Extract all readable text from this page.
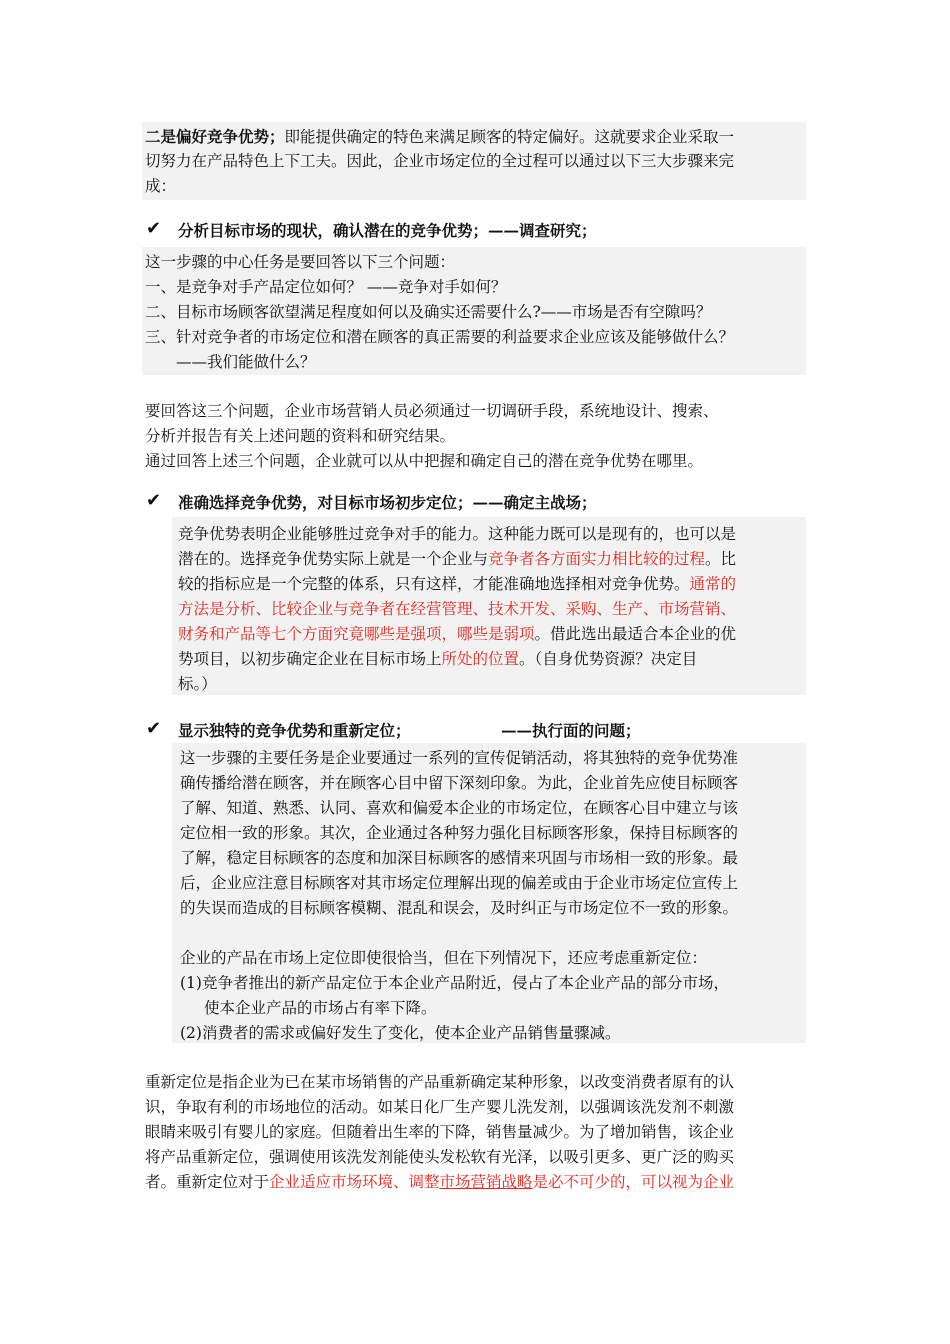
二是偏好竞争优势；即能提供确定的特色来满足顾客的特定偏好。这就要求企业采取一
切努力在产品特色上下工夫。因此，企业市场定位的全过程可以通过以下三大步骤来完
成：
✔ 分析目标市场的现状，确认潜在的竞争优势；——调查研究；
这一步骤的中心任务是要回答以下三个问题：
一、是竞争对手产品定位如何？ ——竞争对手如何？
二、目标市场顾客欲望满足程度如何以及确实还需要什么?——市场是否有空隙吗？
三、针对竞争者的市场定位和潜在顾客的真正需要的利益要求企业应该及能够做什么？
——我们能做什么？
要回答这三个问题，企业市场营销人员必须通过一切调研手段，系统地设计、搜索、
分析并报告有关上述问题的资料和研究结果。
通过回答上述三个问题，企业就可以从中把握和确定自己的潜在竞争优势在哪里。
✔ 准确选择竞争优势，对目标市场初步定位；——确定主战场；
竞争优势表明企业能够胜过竞争对手的能力。这种能力既可以是现有的，也可以是
潜在的。选择竞争优势实际上就是一个企业与竞争者各方面实力相比较的过程。比
较的指标应是一个完整的体系，只有这样，才能准确地选择相对竞争优势。通常的
方法是分析、比较企业与竞争者在经营管理、技术开发、采购、生产、市场营销、
财务和产品等七个方面究竟哪些是强项，哪些是弱项。借此选出最适合本企业的优
势项目，以初步确定企业在目标市场上所处的位置。（自身优势资源？决定目
标。）
✔ 显示独特的竞争优势和重新定位；	——执行面的问题；
这一步骤的主要任务是企业要通过一系列的宣传促销活动，将其独特的竞争优势准
确传播给潜在顾客，并在顾客心目中留下深刻印象。为此，企业首先应使目标顾客
了解、知道、熟悉、认同、喜欢和偏爱本企业的市场定位，在顾客心目中建立与该
定位相一致的形象。其次，企业通过各种努力强化目标顾客形象，保持目标顾客的
了解，稳定目标顾客的态度和加深目标顾客的感情来巩固与市场相一致的形象。最
后，企业应注意目标顾客对其市场定位理解出现的偏差或由于企业市场定位宣传上
的失误而造成的目标顾客模糊、混乱和误会，及时纠正与市场定位不一致的形象。
企业的产品在市场上定位即使很恰当，但在下列情况下，还应考虑重新定位：
(1)竞争者推出的新产品定位于本企业产品附近，侵占了本企业产品的部分市场，
使本企业产品的市场占有率下降。
(2)消费者的需求或偏好发生了变化，使本企业产品销售量骤减。
重新定位是指企业为已在某市场销售的产品重新确定某种形象，以改变消费者原有的认
识，争取有利的市场地位的活动。如某日化厂生产婴儿洗发剂，以强调该洗发剂不刺激
眼睛来吸引有婴儿的家庭。但随着出生率的下降，销售量减少。为了增加销售，该企业
将产品重新定位，强调使用该洗发剂能使头发松软有光泽，以吸引更多、更广泛的购买
者。重新定位对于企业适应市场环境、调整市场营销战略是必不可少的，可以视为企业
